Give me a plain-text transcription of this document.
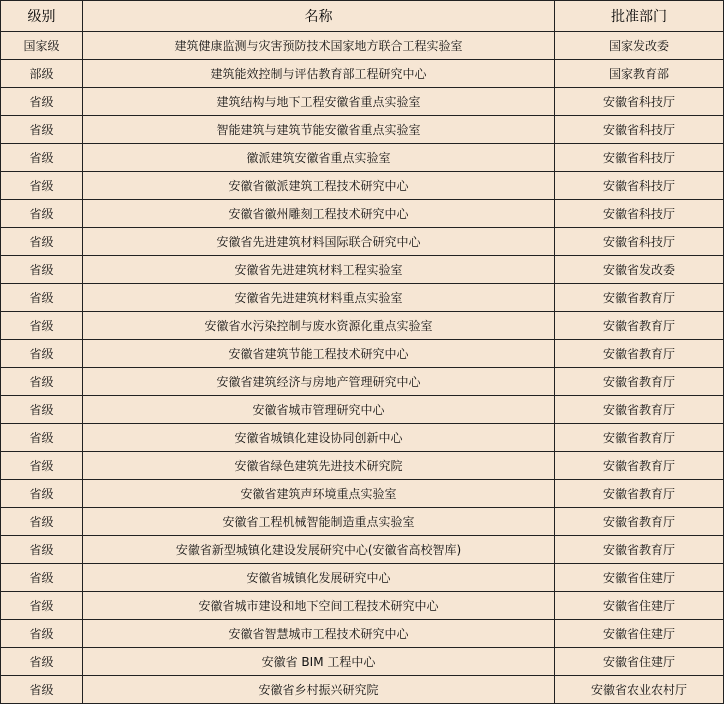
级别	名称	批准部门
国家级	建筑健康监测与灾害预防技术国家地方联合工程实验室	国家发改委
部级	建筑能效控制与评估教育部工程研究中心	国家教育部
省级	建筑结构与地下工程安徽省重点实验室	安徽省科技厅
省级	智能建筑与建筑节能安徽省重点实验室	安徽省科技厅
省级	徽派建筑安徽省重点实验室	安徽省科技厅
省级	安徽省徽派建筑工程技术研究中心	安徽省科技厅
省级	安徽省徽州雕刻工程技术研究中心	安徽省科技厅
省级	安徽省先进建筑材料国际联合研究中心	安徽省科技厅
省级	安徽省先进建筑材料工程实验室	安徽省发改委
省级	安徽省先进建筑材料重点实验室	安徽省教育厅
省级	安徽省水污染控制与废水资源化重点实验室	安徽省教育厅
省级	安徽省建筑节能工程技术研究中心	安徽省教育厅
省级	安徽省建筑经济与房地产管理研究中心	安徽省教育厅
省级	安徽省城市管理研究中心	安徽省教育厅
省级	安徽省城镇化建设协同创新中心	安徽省教育厅
省级	安徽省绿色建筑先进技术研究院	安徽省教育厅
省级	安徽省建筑声环境重点实验室	安徽省教育厅
省级	安徽省工程机械智能制造重点实验室	安徽省教育厅
省级	安徽省新型城镇化建设发展研究中心(安徽省高校智库)	安徽省教育厅
省级	安徽省城镇化发展研究中心	安徽省住建厅
省级	安徽省城市建设和地下空间工程技术研究中心	安徽省住建厅
省级	安徽省智慧城市工程技术研究中心	安徽省住建厅
省级	安徽省 BIM 工程中心	安徽省住建厅
省级	安徽省乡村振兴研究院	安徽省农业农村厅
